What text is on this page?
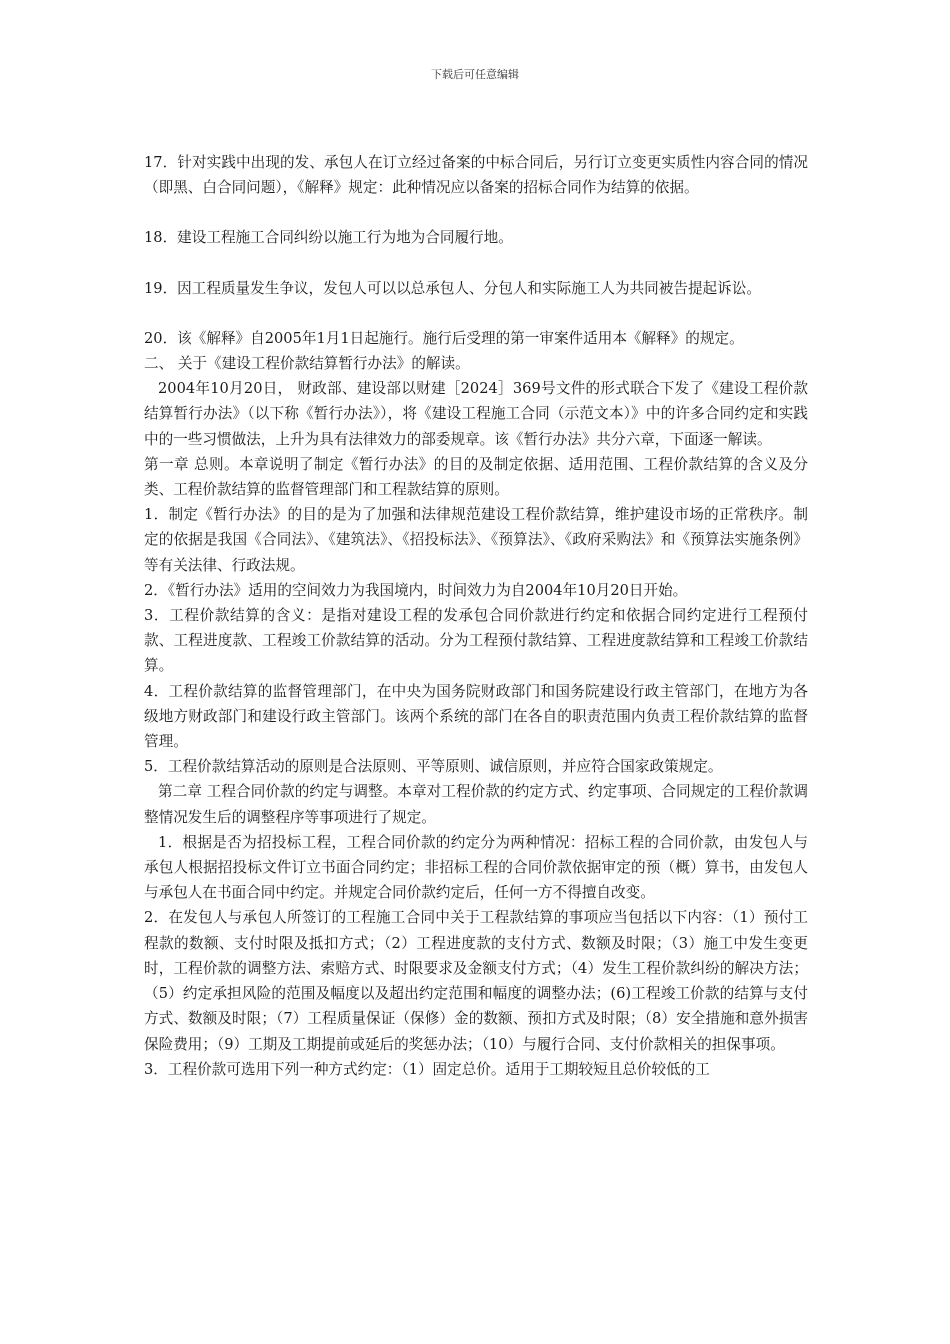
下载后可任意编辑

17．针对实践中出现的发、承包人在订立经过备案的中标合同后，另行订立变更实质性内容合同的情况（即黑、白合同问题），《解释》规定：此种情况应以备案的招标合同作为结算的依据。

18．建设工程施工合同纠纷以施工行为地为合同履行地。

19．因工程质量发生争议，发包人可以以总承包人、分包人和实际施工人为共同被告提起诉讼。

20．该《解释》自2005年1月1日起施行。施行后受理的第一审案件适用本《解释》的规定。

二、 关于《建设工程价款结算暂行办法》的解读。

2004年10月20日， 财政部、建设部以财建［2024］369号文件的形式联合下发了《建设工程价款结算暂行办法》（以下称《暂行办法》），将《建设工程施工合同（示范文本）》中的许多合同约定和实践中的一些习惯做法，上升为具有法律效力的部委规章。该《暂行办法》共分六章，下面逐一解读。

第一章 总则。本章说明了制定《暂行办法》的目的及制定依据、适用范围、工程价款结算的含义及分类、工程价款结算的监督管理部门和工程款结算的原则。

1．制定《暂行办法》的目的是为了加强和法律规范建设工程价款结算，维护建设市场的正常秩序。制定的依据是我国《合同法》、《建筑法》、《招投标法》、《预算法》、《政府采购法》和《预算法实施条例》等有关法律、行政法规。

2．《暂行办法》适用的空间效力为我国境内，时间效力为自2004年10月20日开始。

3．工程价款结算的含义：是指对建设工程的发承包合同价款进行约定和依据合同约定进行工程预付款、工程进度款、工程竣工价款结算的活动。分为工程预付款结算、工程进度款结算和工程竣工价款结算。

4．工程价款结算的监督管理部门，在中央为国务院财政部门和国务院建设行政主管部门，在地方为各级地方财政部门和建设行政主管部门。该两个系统的部门在各自的职责范围内负责工程价款结算的监督管理。

5．工程价款结算活动的原则是合法原则、平等原则、诚信原则，并应符合国家政策规定。

第二章 工程合同价款的约定与调整。本章对工程价款的约定方式、约定事项、合同规定的工程价款调整情况发生后的调整程序等事项进行了规定。

1．根据是否为招投标工程，工程合同价款的约定分为两种情况：招标工程的合同价款，由发包人与承包人根据招投标文件订立书面合同约定；非招标工程的合同价款依据审定的预（概）算书，由发包人与承包人在书面合同中约定。并规定合同价款约定后，任何一方不得擅自改变。

2．在发包人与承包人所签订的工程施工合同中关于工程款结算的事项应当包括以下内容：（1）预付工程款的数额、支付时限及抵扣方式；（2）工程进度款的支付方式、数额及时限；（3）施工中发生变更时，工程价款的调整方法、索赔方式、时限要求及金额支付方式；（4）发生工程价款纠纷的解决方法；（5）约定承担风险的范围及幅度以及超出约定范围和幅度的调整办法；(6)工程竣工价款的结算与支付方式、数额及时限；（7）工程质量保证（保修）金的数额、预扣方式及时限；（8）安全措施和意外损害保险费用；（9）工期及工期提前或延后的奖惩办法；（10）与履行合同、支付价款相关的担保事项。

3．工程价款可选用下列一种方式约定：（1）固定总价。适用于工期较短且总价较低的工
